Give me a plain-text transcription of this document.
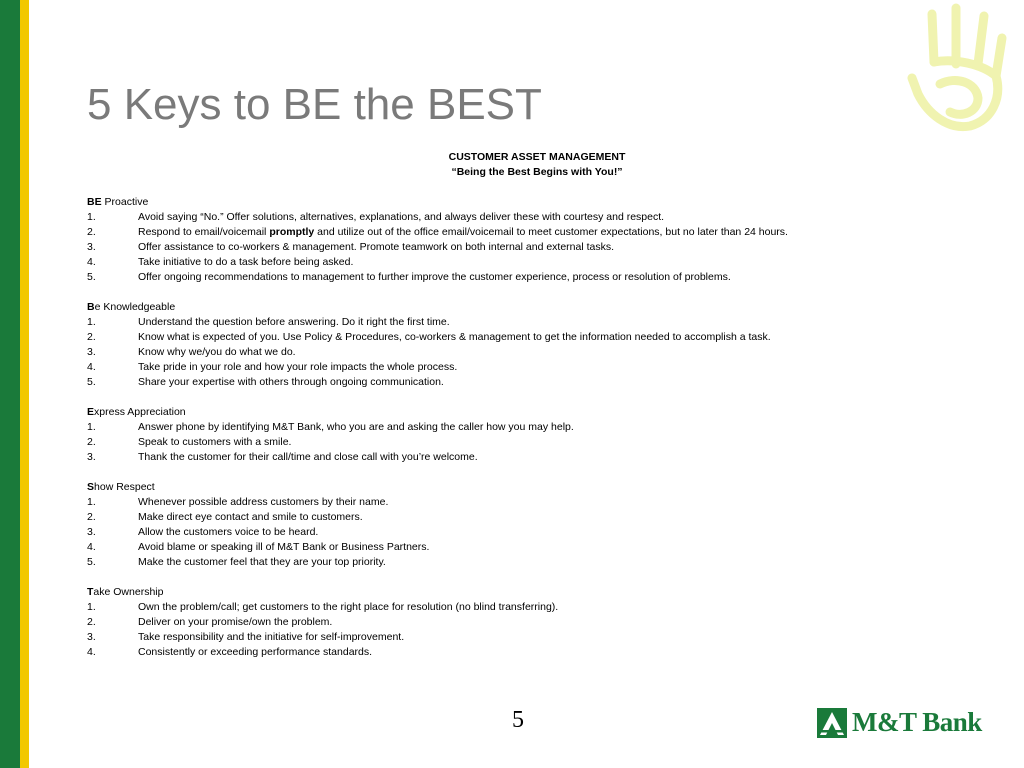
5 Keys to BE the BEST
CUSTOMER ASSET MANAGEMENT
“Being the Best Begins with You!”
BE Proactive
1.	Avoid saying “No.” Offer solutions, alternatives, explanations, and always deliver these with courtesy and respect.
2.	Respond to email/voicemail promptly and utilize out of the office email/voicemail to meet customer expectations, but no later than 24 hours.
3.	Offer assistance to co-workers & management. Promote teamwork on both internal and external tasks.
4.	Take initiative to do a task before being asked.
5.	Offer ongoing recommendations to management to further improve the customer experience, process or resolution of problems.
Be Knowledgeable
1.	Understand the question before answering. Do it right the first time.
2.	Know what is expected of you. Use Policy & Procedures, co-workers & management to get the information needed to accomplish a task.
3.	Know why we/you do what we do.
4.	Take pride in your role and how your role impacts the whole process.
5.	Share your expertise with others through ongoing communication.
Express Appreciation
1.	Answer phone by identifying M&T Bank, who you are and asking the caller how you may help.
2.	Speak to customers with a smile.
3.	Thank the customer for their call/time and close call with you’re welcome.
Show Respect
1.	Whenever possible address customers by their name.
2.	Make direct eye contact and smile to customers.
3.	Allow the customers voice to be heard.
4.	Avoid blame or speaking ill of M&T Bank or Business Partners.
5.	Make the customer feel that they are your top priority.
Take Ownership
1.	Own the problem/call; get customers to the right place for resolution (no blind transferring).
2.	Deliver on your promise/own the problem.
3.	Take responsibility and the initiative for self-improvement.
4.	Consistently or exceeding performance standards.
5	M&T Bank
